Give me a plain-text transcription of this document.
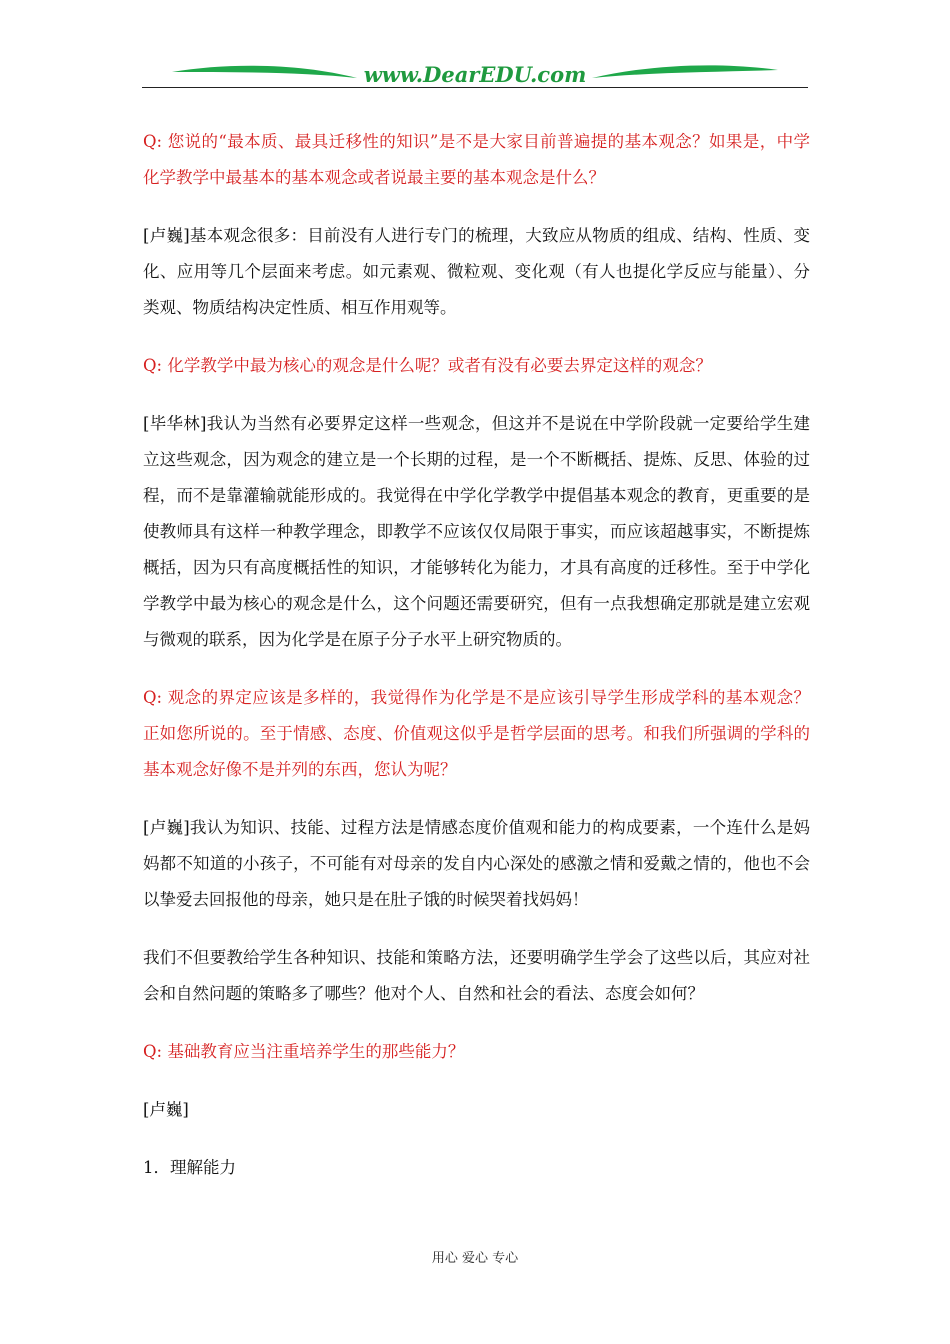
www.DearEDU.com

Q: 您说的“最本质、最具迁移性的知识”是不是大家目前普遍提的基本观念？如果是，中学化学教学中最基本的基本观念或者说最主要的基本观念是什么？

[卢巍]基本观念很多：目前没有人进行专门的梳理，大致应从物质的组成、结构、性质、变化、应用等几个层面来考虑。如元素观、微粒观、变化观（有人也提化学反应与能量）、分类观、物质结构决定性质、相互作用观等。

Q: 化学教学中最为核心的观念是什么呢？或者有没有必要去界定这样的观念？

[毕华林]我认为当然有必要界定这样一些观念，但这并不是说在中学阶段就一定要给学生建立这些观念，因为观念的建立是一个长期的过程，是一个不断概括、提炼、反思、体验的过程，而不是靠灌输就能形成的。我觉得在中学化学教学中提倡基本观念的教育，更重要的是使教师具有这样一种教学理念，即教学不应该仅仅局限于事实，而应该超越事实，不断提炼概括，因为只有高度概括性的知识，才能够转化为能力，才具有高度的迁移性。至于中学化学教学中最为核心的观念是什么，这个问题还需要研究，但有一点我想确定那就是建立宏观与微观的联系，因为化学是在原子分子水平上研究物质的。

Q: 观念的界定应该是多样的，我觉得作为化学是不是应该引导学生形成学科的基本观念？正如您所说的。至于情感、态度、价值观这似乎是哲学层面的思考。和我们所强调的学科的基本观念好像不是并列的东西，您认为呢？

[卢巍]我认为知识、技能、过程方法是情感态度价值观和能力的构成要素，一个连什么是妈妈都不知道的小孩子，不可能有对母亲的发自内心深处的感激之情和爱戴之情的，他也不会以挚爱去回报他的母亲，她只是在肚子饿的时候哭着找妈妈！

我们不但要教给学生各种知识、技能和策略方法，还要明确学生学会了这些以后，其应对社会和自然问题的策略多了哪些？他对个人、自然和社会的看法、态度会如何？

Q: 基础教育应当注重培养学生的那些能力？

[卢巍]

1．理解能力

用心 爱心 专心
